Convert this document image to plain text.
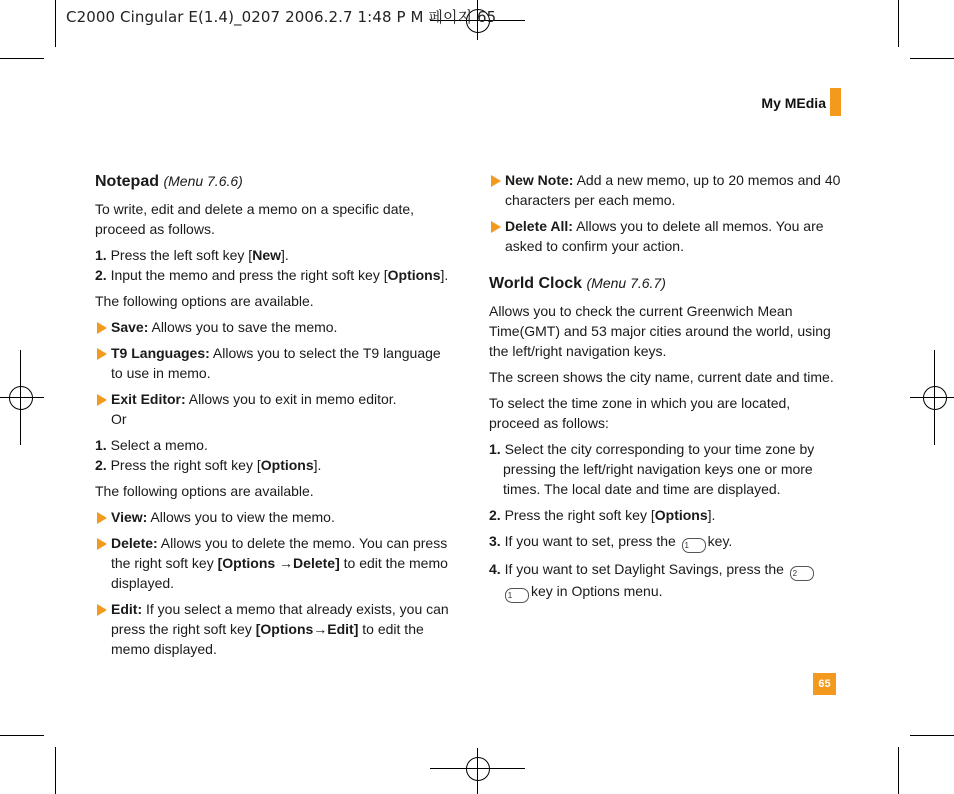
C2000 Cingular E(1.4)_0207 2006.2.7 1:48 P M 페이지 65
My MEdia
Notepad (Menu 7.6.6)

To write, edit and delete a memo on a specific date, proceed as follows.

1. Press the left soft key [New].

2. Input the memo and press the right soft key [Options].

The following options are available.

Save: Allows you to save the memo.
T9 Languages: Allows you to select the T9 language to use in memo.
Exit Editor: Allows you to exit in memo editor.
Or

1. Select a memo.

2. Press the right soft key [Options].

The following options are available.

View: Allows you to view the memo.
Delete: Allows you to delete the memo. You can press the right soft key [Options →Delete] to edit the memo displayed.
Edit: If you select a memo that already exists, you can press the right soft key [Options→Edit] to edit the memo displayed.
New Note: Add a new memo, up to 20 memos and 40 characters per each memo.
Delete All: Allows you to delete all memos. You are asked to confirm your action.
World Clock (Menu 7.6.7)

Allows you to check the current Greenwich Mean Time(GMT) and 53 major cities around the world, using the left/right navigation keys.

The screen shows the city name, current date and time.

To select the time zone in which you are located, proceed as follows:

1. Select the city corresponding to your time zone by pressing the left/right navigation keys one or more times. The local date and time are displayed.

2. Press the right soft key [Options].

3. If you want to set, press the 1 key.

4. If you want to set Daylight Savings, press the 2
1 key in Options menu.

65
